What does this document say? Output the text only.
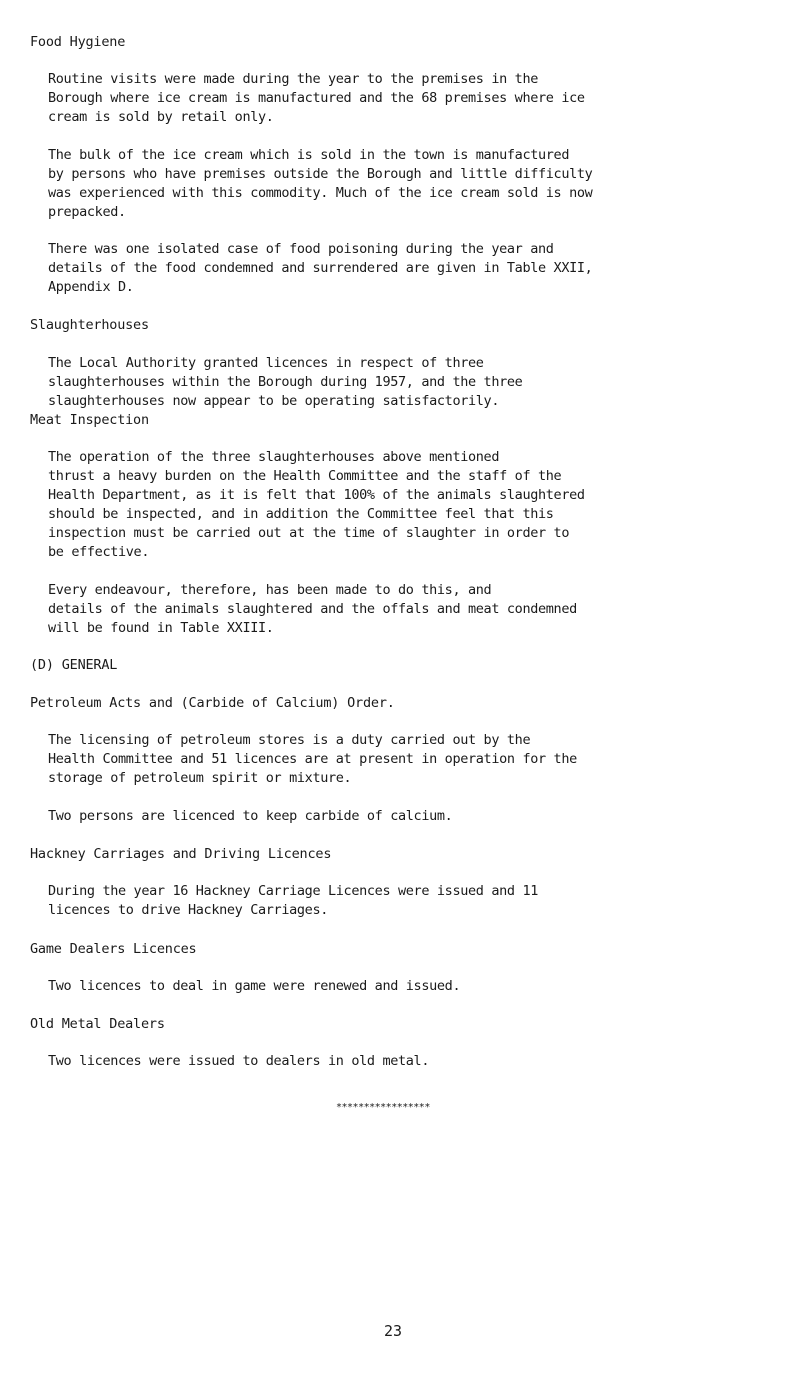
Food Hygiene
Routine visits were made during the year to the premises in the
Borough where ice cream is manufactured and the 68 premises where ice
cream is sold by retail only.
The bulk of the ice cream which is sold in the town is manufactured
by persons who have premises outside the Borough and little difficulty
was experienced with this commodity. Much of the ice cream sold is now
prepacked.
There was one isolated case of food poisoning during the year and
details of the food condemned and surrendered are given in Table XXII,
Appendix D.
Slaughterhouses
The Local Authority granted licences in respect of three
slaughterhouses within the Borough during 1957, and the three
slaughterhouses now appear to be operating satisfactorily.
Meat Inspection
The operation of the three slaughterhouses above mentioned
thrust a heavy burden on the Health Committee and the staff of the
Health Department, as it is felt that 100% of the animals slaughtered
should be inspected, and in addition the Committee feel that this
inspection must be carried out at the time of slaughter in order to
be effective.
Every endeavour, therefore, has been made to do this, and
details of the animals slaughtered and the offals and meat condemned
will be found in Table XXIII.
(D) GENERAL
Petroleum Acts and (Carbide of Calcium) Order.
The licensing of petroleum stores is a duty carried out by the
Health Committee and 51 licences are at present in operation for the
storage of petroleum spirit or mixture.
Two persons are licenced to keep carbide of calcium.
Hackney Carriages and Driving Licences
During the year 16 Hackney Carriage Licences were issued and 11
licences to drive Hackney Carriages.
Game Dealers Licences
Two licences to deal in game were renewed and issued.
Old Metal Dealers
Two licences were issued to dealers in old metal.
*****************
23
